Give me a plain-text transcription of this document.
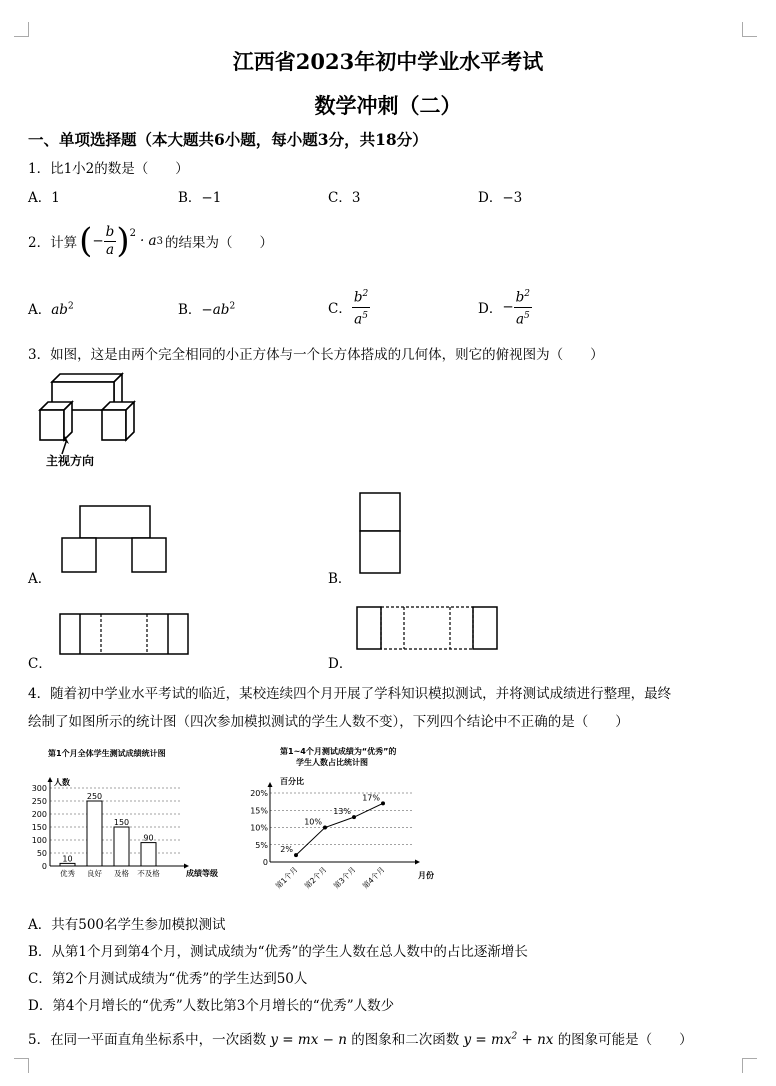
江西省2023年初中学业水平考试
数学冲刺（二）
一、单项选择题（本大题共6小题，每小题3分，共18分）
1．比1小2的数是（　　）
A．1	B．−1	C．3	D．−3
2．计算 ( − $\frac{b}{a} )^2 \cdot a$ 3 的结果为（　　）
A．$ab^2$	B．$-ab^2$	C． $\frac{b^2}{a^5}$	D． − $\frac{b^2}{a^5}$
3．如图，这是由两个完全相同的小正方体与一个长方体搭成的几何体，则它的俯视图为（　　）
主视方向
A．	B．
C．	D．
4．随着初中学业水平考试的临近，某校连续四个月开展了学科知识模拟测试，并将测试成绩进行整理，最终
绘制了如图所示的统计图（四次参加模拟测试的学生人数不变），下列四个结论中不正确的是（　　）
第1个月全体学生测试成绩统计图
人数
成绩等级
0
50
100
150
200
250
300
10
优秀
250
良好
150
及格
90
不及格
第1~4个月测试成绩为“优秀”的
学生人数占比统计图
百分比
月份
0
5%
10%
15%
20%
2%
第1个月
10%
第2个月
13%
第3个月
17%
第4个月
A．共有500名学生参加模拟测试
B．从第1个月到第4个月，测试成绩为“优秀”的学生人数在总人数中的占比逐渐增长
C．第2个月测试成绩为“优秀”的学生达到50人
D．第4个月增长的“优秀”人数比第3个月增长的“优秀”人数少
5．在同一平面直角坐标系中，一次函数 y = mx − n 的图象和二次函数 $y = mx^2$ + nx 的图象可能是（　　）
